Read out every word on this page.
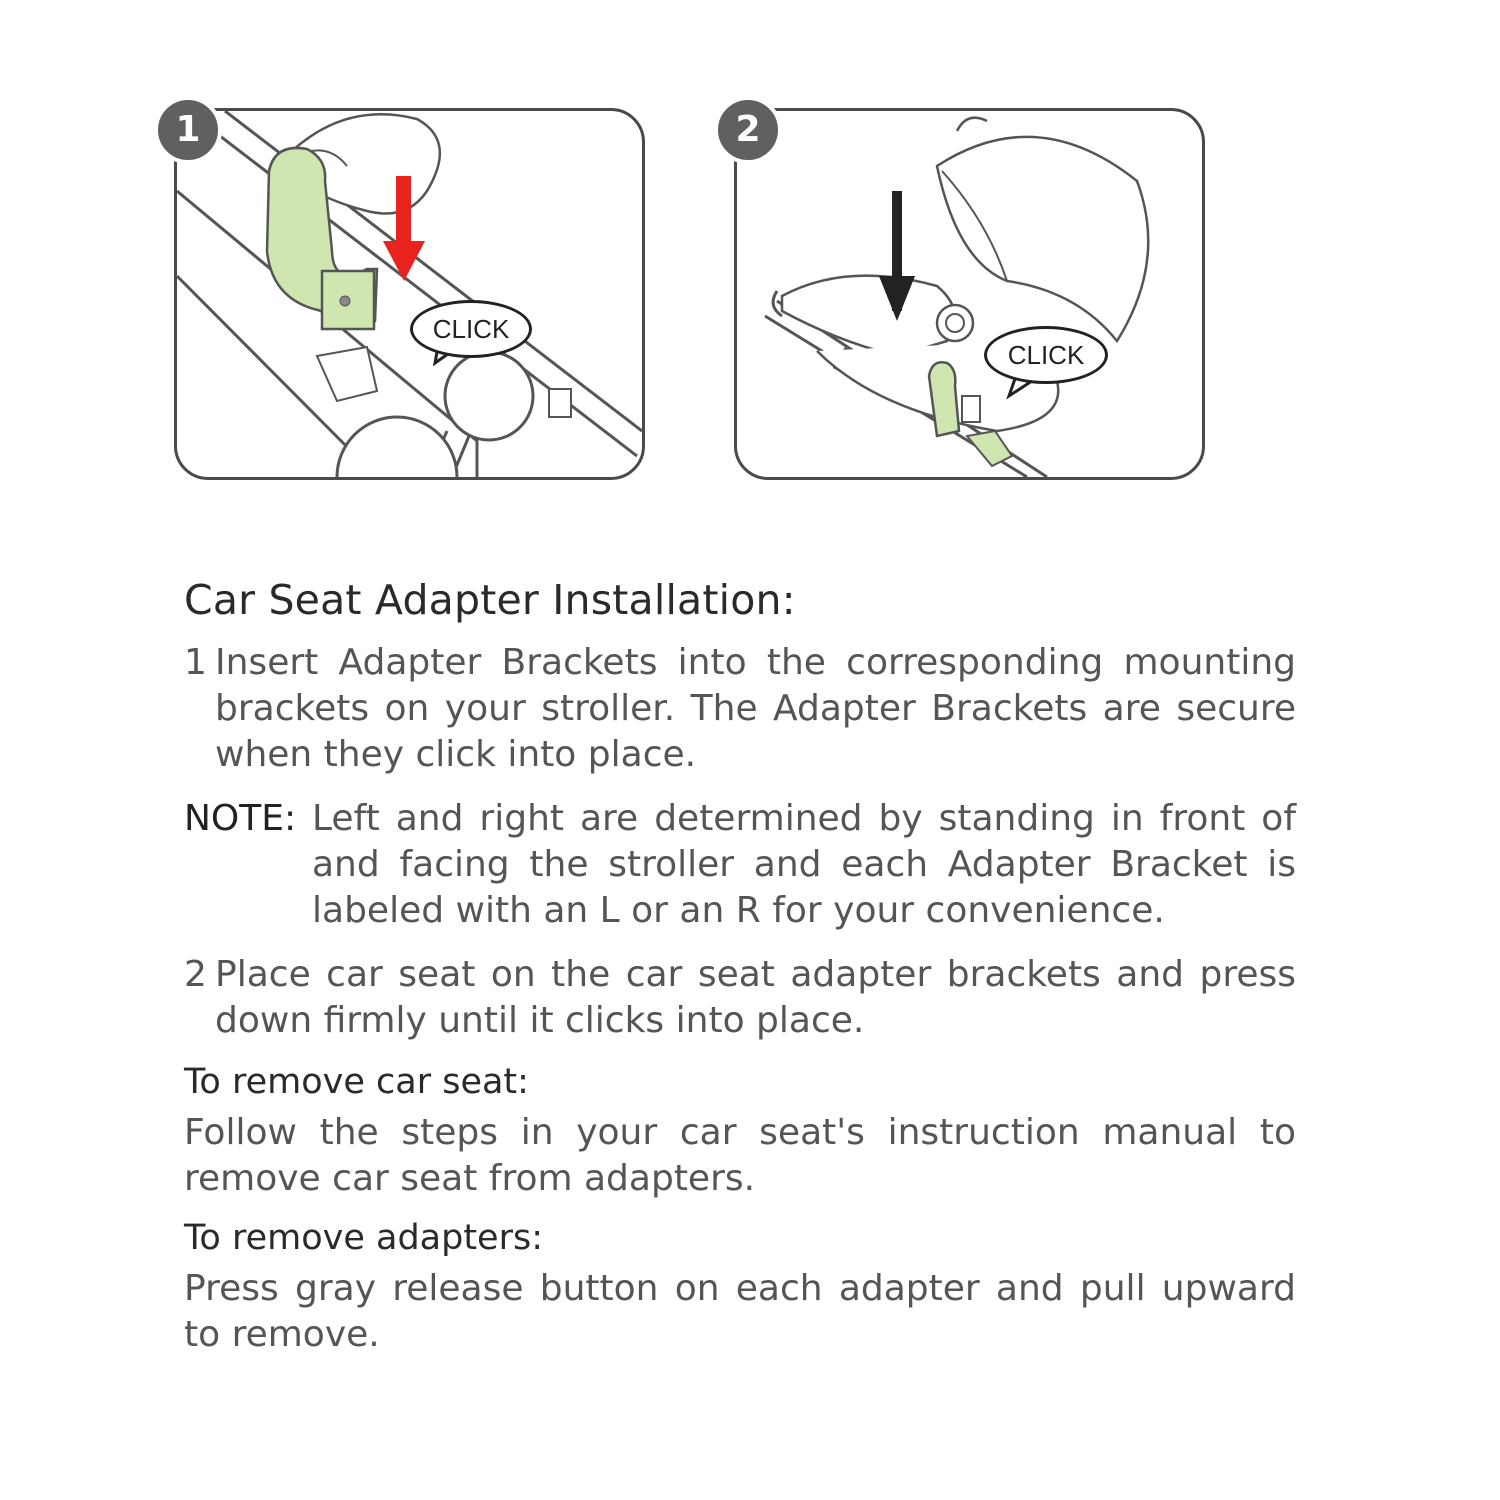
1
CLICK
2
CLICK
Car Seat Adapter Installation:
1 Insert Adapter Brackets into the corresponding mounting brackets on your stroller. The Adapter Brackets are secure when they click into place.
NOTE: Left and right are determined by standing in front of and facing the stroller and each Adapter Bracket is labeled with an L or an R for your convenience.
2 Place car seat on the car seat adapter brackets and press down firmly until it clicks into place.
To remove car seat:
Follow the steps in your car seat's instruction manual to remove car seat from adapters.
To remove adapters:
Press gray release button on each adapter and pull upward to remove.
